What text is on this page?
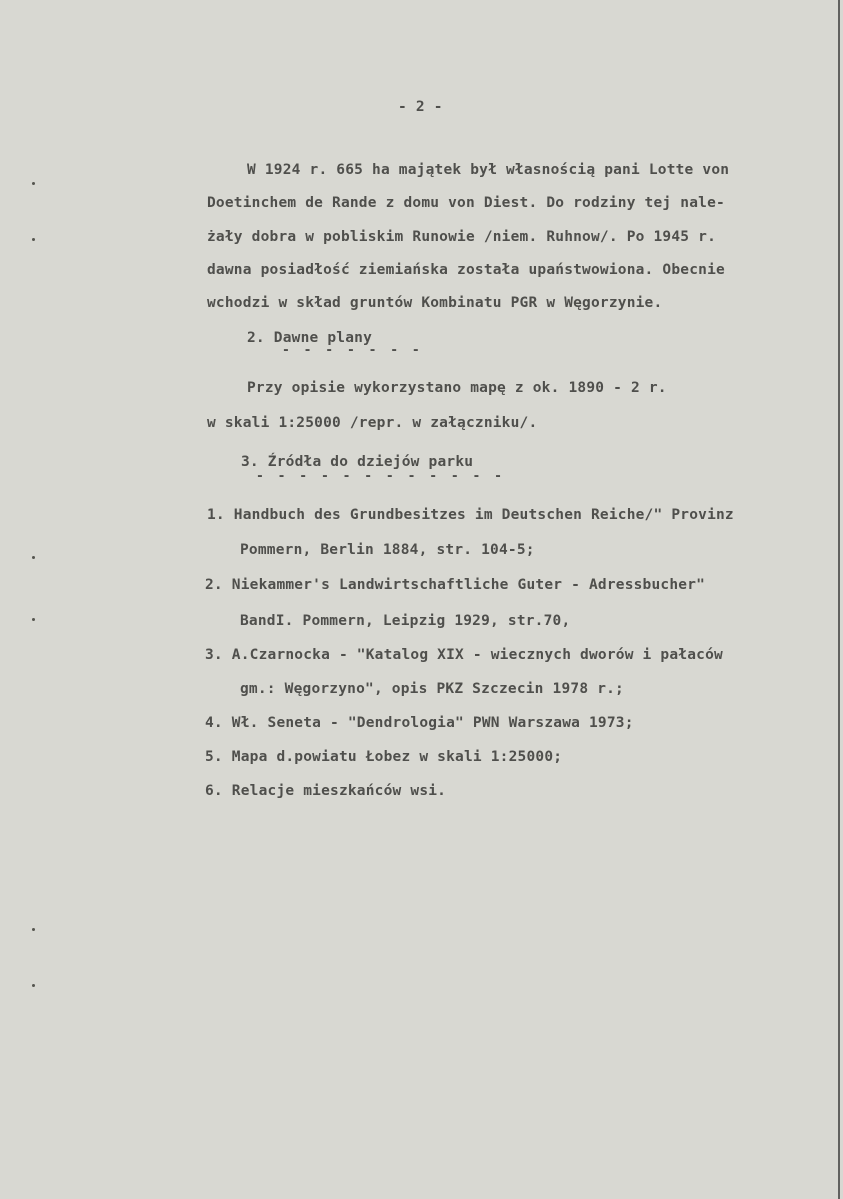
- 2 -
W 1924 r. 665 ha majątek był własnością pani Lotte von
Doetinchem de Rande z domu von Diest. Do rodziny tej nale-
żały dobra w pobliskim Runowie /niem. Ruhnow/. Po 1945 r.
dawna posiadłość ziemiańska została upaństwowiona. Obecnie
wchodzi w skład gruntów Kombinatu PGR w Węgorzynie.
2. Dawne plany
- - - - - - -
Przy opisie wykorzystano mapę z ok. 1890 - 2 r.
w skali 1:25000 /repr. w załączniku/.
3. Źródła do dziejów parku
- - - - - - - - - - - -
1. Handbuch des Grundbesitzes im Deutschen Reiche/" Provinz
Pommern, Berlin 1884, str. 104-5;
2. Niekammer's Landwirtschaftliche Guter - Adressbucher"
BandI. Pommern, Leipzig 1929, str.70,
3. A.Czarnocka - "Katalog XIX - wiecznych dworów i pałaców
gm.: Węgorzyno", opis PKZ Szczecin 1978 r.;
4. Wł. Seneta - "Dendrologia" PWN Warszawa 1973;
5. Mapa d.powiatu Łobez w skali 1:25000;
6. Relacje mieszkańców wsi.
